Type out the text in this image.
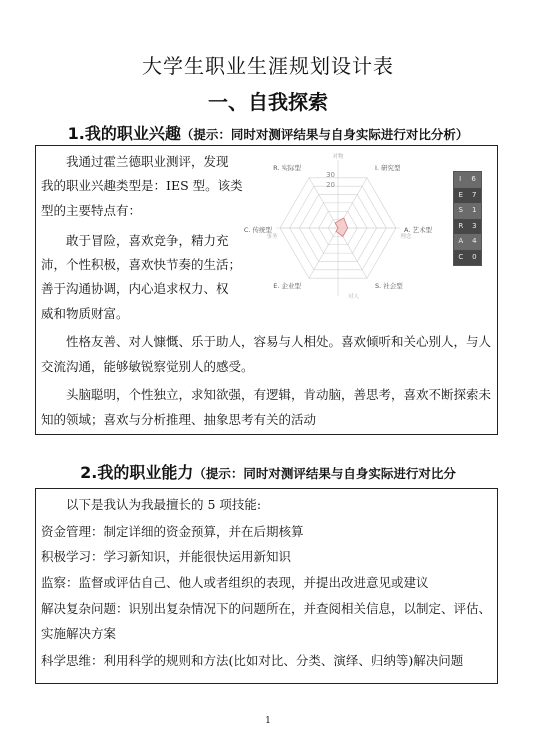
大学生职业生涯规划设计表
一、自我探索
1.我的职业兴趣（提示：同时对测评结果与自身实际进行对比分析）
我通过霍兰德职业测评，发现
我的职业兴趣类型是：IES 型。该类
型的主要特点有：
敢于冒险，喜欢竞争，精力充
沛，个性积极，喜欢快节奏的生活；
善于沟通协调，内心追求权力、权
威和物质财富。
性格友善、对人慷慨、乐于助人，容易与人相处。喜欢倾听和关心别人，与人
交流沟通，能够敏锐察觉别人的感受。
头脑聪明，个性独立，求知欲强，有逻辑，肯动脑，善思考，喜欢不断探索未
知的领域；喜欢与分析推理、抽象思考有关的活动
30
20
R. 实际型	I. 研究型
A. 艺术型
S. 社会型
E. 企业型
C. 传统型
对物
理念
对人
事务
I 6
E 7
S 1
R 3
A 4
C 0
2.我的职业能力（提示：同时对测评结果与自身实际进行对比分
以下是我认为我最擅长的 5 项技能:
资金管理：制定详细的资金预算，并在后期核算
积极学习：学习新知识，并能很快运用新知识
监察：监督或评估自己、他人或者组织的表现，并提出改进意见或建议
解决复杂问题：识别出复杂情况下的问题所在，并查阅相关信息，以制定、评估、
实施解决方案
科学思维：利用科学的规则和方法(比如对比、分类、演绎、归纳等)解决问题
1
